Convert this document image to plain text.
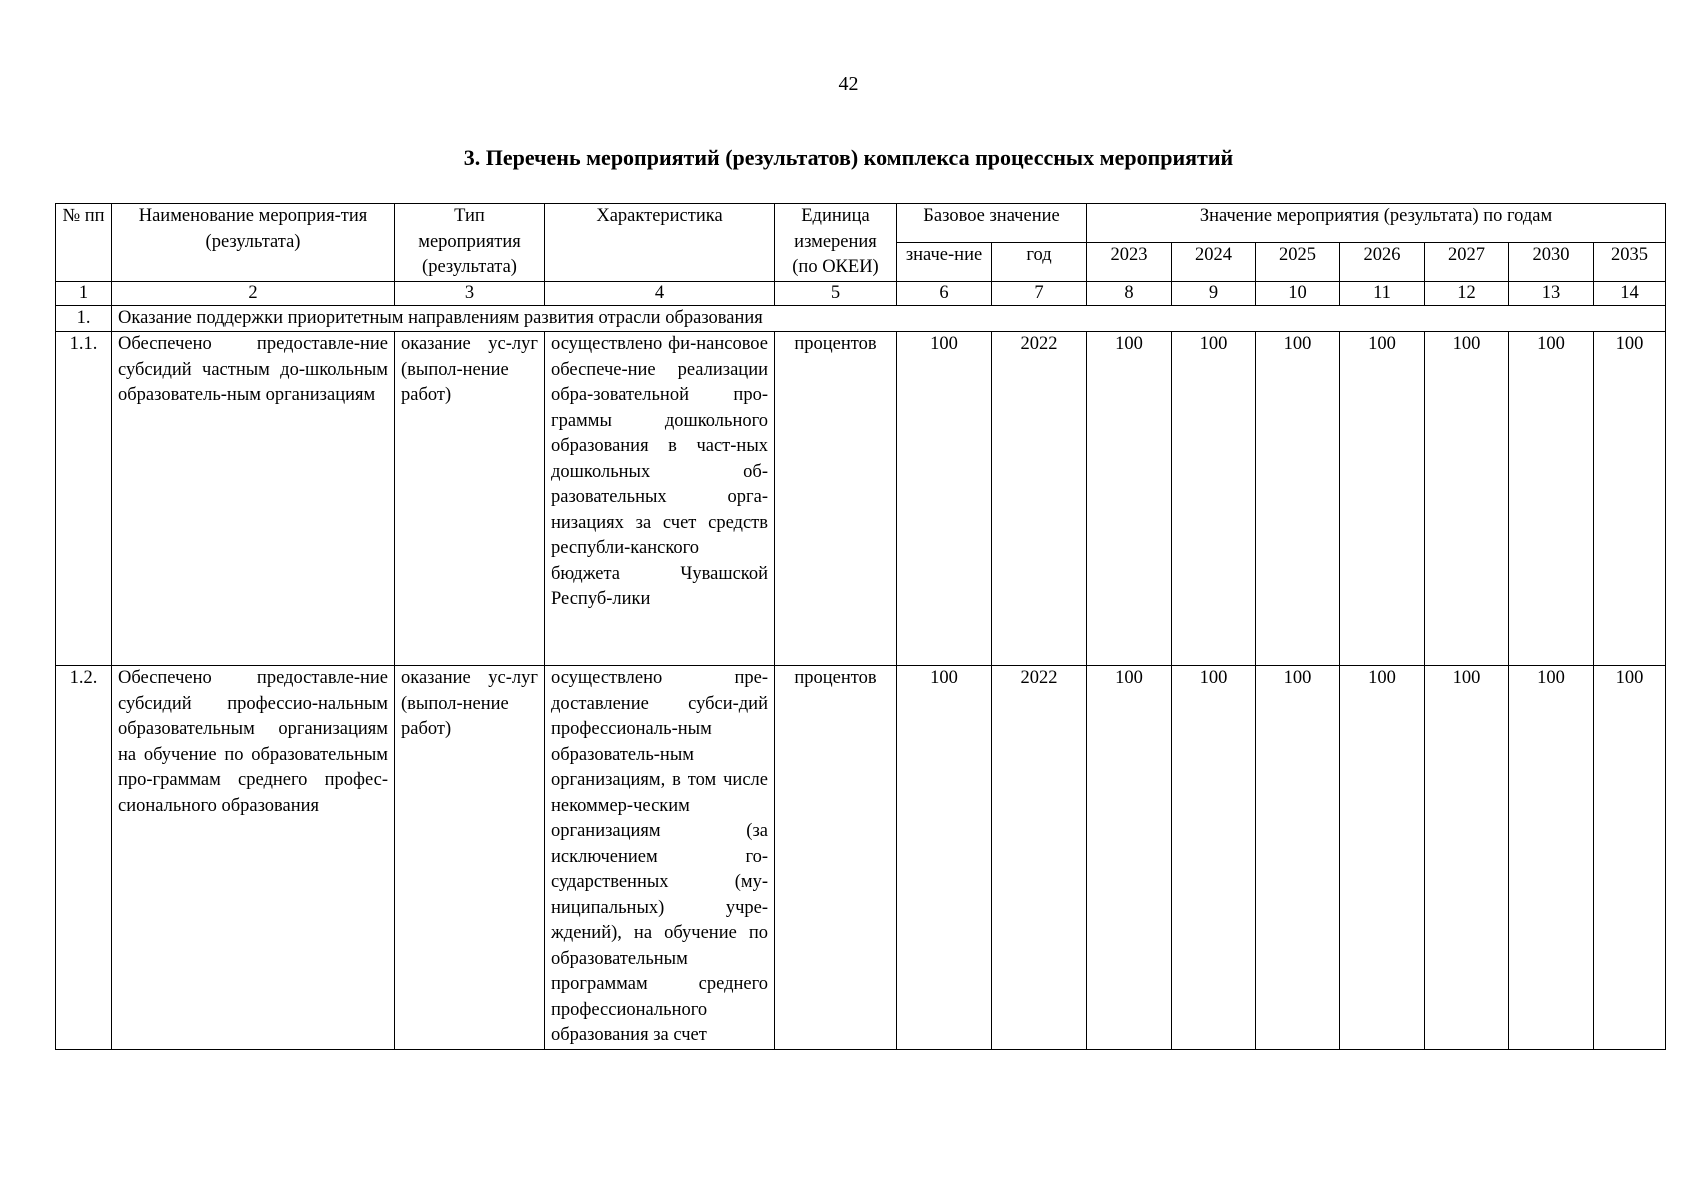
42
3. Перечень мероприятий (результатов) комплекса процессных мероприятий
№ пп	Наименование мероприя-тия (результата)	Тип мероприятия (результата)	Характеристика	Единица измерения (по ОКЕИ)	Базовое значение		Значение мероприятия (результата) по годам						
					значе-ние	год	2023	2024	2025	2026	2027	2030	2035
1	2	3	4	5	6	7	8	9	10	11	12	13	14
1.	Оказание поддержки приоритетным направлениям развития отрасли образования												
1.1.	Обеспечено предоставле-ние субсидий частным до-школьным образователь-ным организациям	оказание ус-луг (выпол-нение работ)	осуществлено фи-нансовое обеспече-ние реализации обра-зовательной про-граммы дошкольного образования в част-ных дошкольных об-разовательных орга-низациях за счет средств республи-канского бюджета Чувашской Респуб-лики	процентов	100	2022	100	100	100	100	100	100	100
1.2.	Обеспечено предоставле-ние субсидий профессио-нальным образовательным организациям на обучение по образовательным про-граммам среднего профес-сионального образования	оказание ус-луг (выпол-нение работ)	осуществлено пре-доставление субси-дий профессиональ-ным образователь-ным организациям, в том числе некоммер-ческим организациям (за исключением го-сударственных (му-ниципальных) учре-ждений), на обучение по образовательным программам среднего профессионального образования за счет	процентов	100	2022	100	100	100	100	100	100	100
